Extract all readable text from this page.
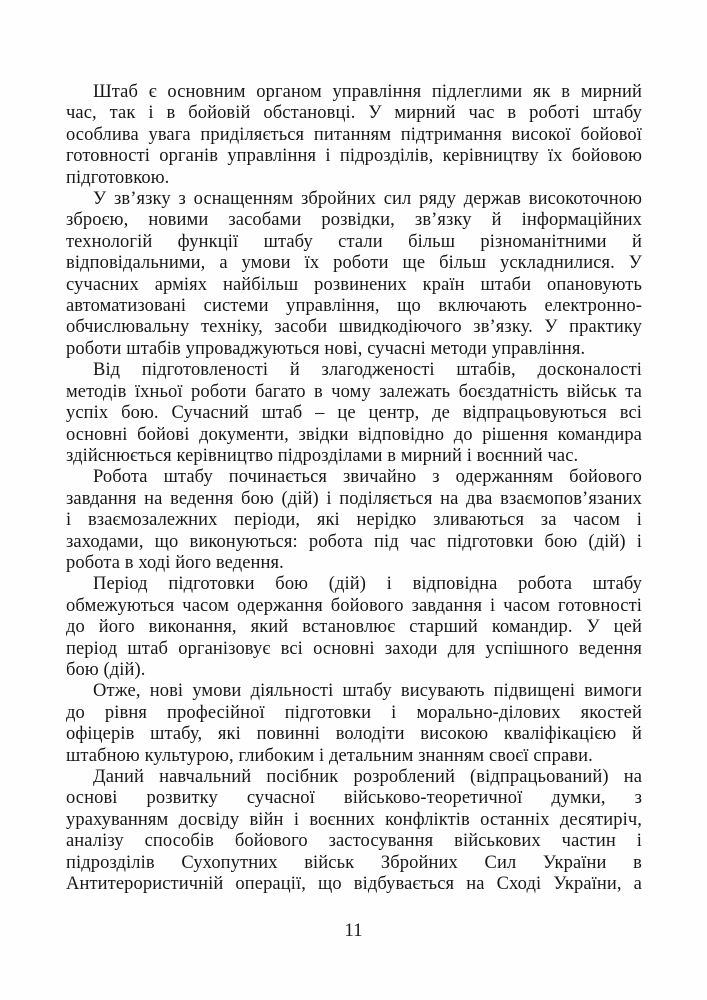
Штаб є основним органом управління підлеглими як в мирний
час, так і в бойовій обстановці. У мирний час в роботі штабу
особлива увага приділяється питанням підтримання високої бойової
готовності органів управління і підрозділів, керівництву їх бойовою
підготовкою.
У зв’язку з оснащенням збройних сил ряду держав високоточною
зброєю, новими засобами розвідки, зв’язку й інформаційних
технологій функції штабу стали більш різноманітними й
відповідальними, а умови їх роботи ще більш ускладнилися. У
сучасних арміях найбільш розвинених країн штаби опановують
автоматизовані системи управління, що включають електронно-
обчислювальну техніку, засоби швидкодіючого зв’язку. У практику
роботи штабів упроваджуються нові, сучасні методи управління.
Від підготовленості й злагодженості штабів, досконалості
методів їхньої роботи багато в чому залежать боєздатність військ та
успіх бою. Сучасний штаб – це центр, де відпрацьовуються всі
основні бойові документи, звідки відповідно до рішення командира
здійснюється керівництво підрозділами в мирний і воєнний час.
Робота штабу починається звичайно з одержанням бойового
завдання на ведення бою (дій) і поділяється на два взаємопов’язаних
і взаємозалежних періоди, які нерідко зливаються за часом і
заходами, що виконуються: робота під час підготовки бою (дій) і
робота в ході його ведення.
Період підготовки бою (дій) і відповідна робота штабу
обмежуються часом одержання бойового завдання і часом готовності
до його виконання, який встановлює старший командир. У цей
період штаб організовує всі основні заходи для успішного ведення
бою (дій).
Отже, нові умови діяльності штабу висувають підвищені вимоги
до рівня професійної підготовки і морально-ділових якостей
офіцерів штабу, які повинні володіти високою кваліфікацією й
штабною культурою, глибоким і детальним знанням своєї справи.
Даний навчальний посібник розроблений (відпрацьований) на
основі розвитку сучасної військово-теоретичної думки, з
урахуванням досвіду війн і воєнних конфліктів останніх десятиріч,
аналізу способів бойового застосування військових частин і
підрозділів Сухопутних військ Збройних Сил України в
Антитерористичній операції, що відбувається на Сході України, а
11
